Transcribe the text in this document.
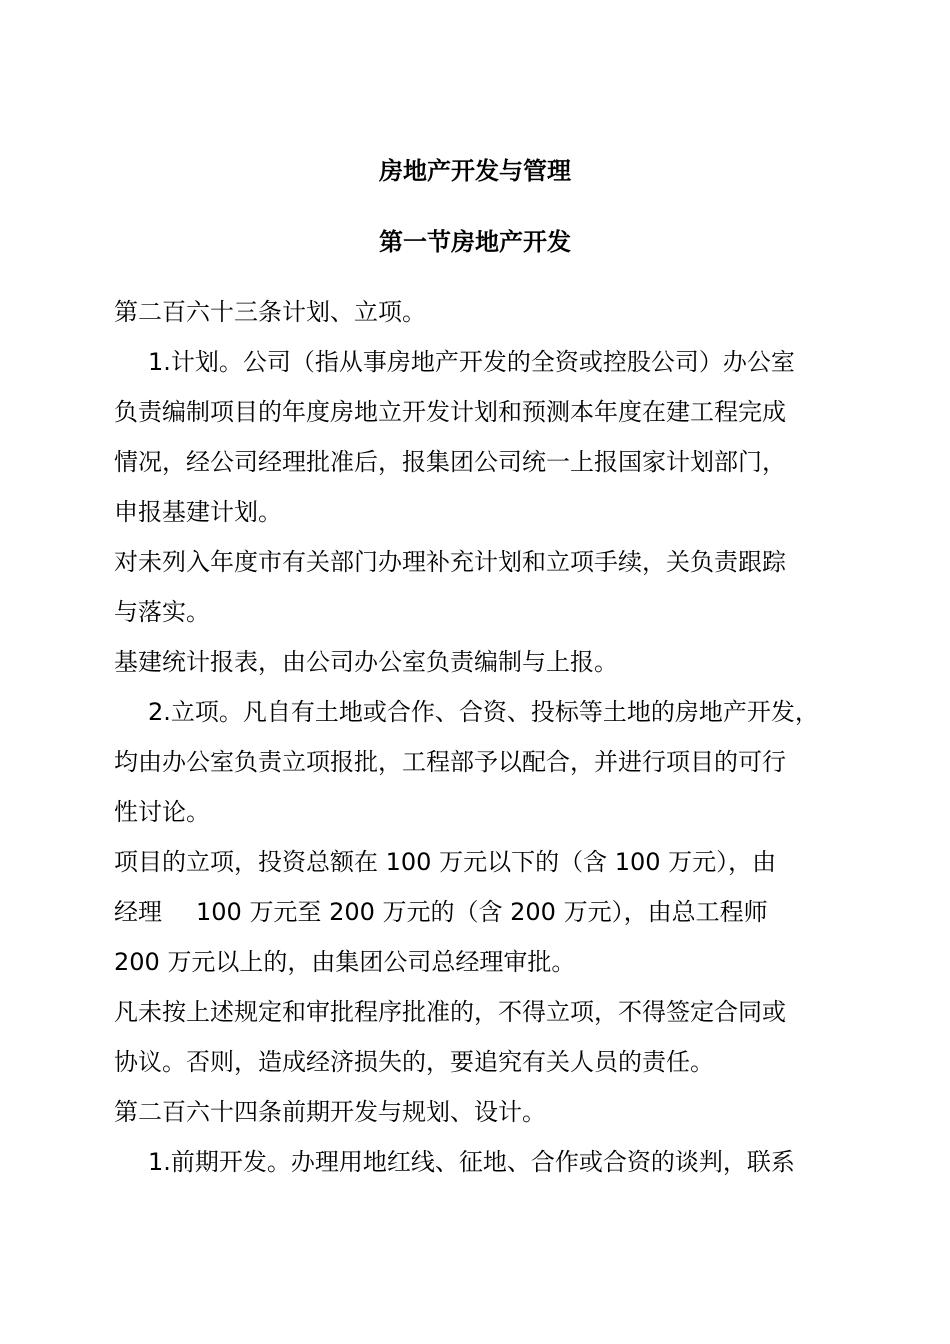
房地产开发与管理
第一节房地产开发

第二百六十三条计划、立项。

1.计划。公司（指从事房地产开发的全资或控股公司）办公室

负责编制项目的年度房地立开发计划和预测本年度在建工程完成

情况，经公司经理批准后，报集团公司统一上报国家计划部门，

申报基建计划。

对未列入年度市有关部门办理补充计划和立项手续，关负责跟踪

与落实。

基建统计报表，由公司办公室负责编制与上报。

2.立项。凡自有土地或合作、合资、投标等土地的房地产开发，

均由办公室负责立项报批，工程部予以配合，并进行项目的可行

性讨论。

项目的立项，投资总额在 100 万元以下的（含 100 万元），由

经理 100 万元至 200 万元的（含 200 万元），由总工程师

200 万元以上的，由集团公司总经理审批。

凡未按上述规定和审批程序批准的，不得立项，不得签定合同或

协议。否则，造成经济损失的，要追究有关人员的责任。

第二百六十四条前期开发与规划、设计。

1.前期开发。办理用地红线、征地、合作或合资的谈判，联系
